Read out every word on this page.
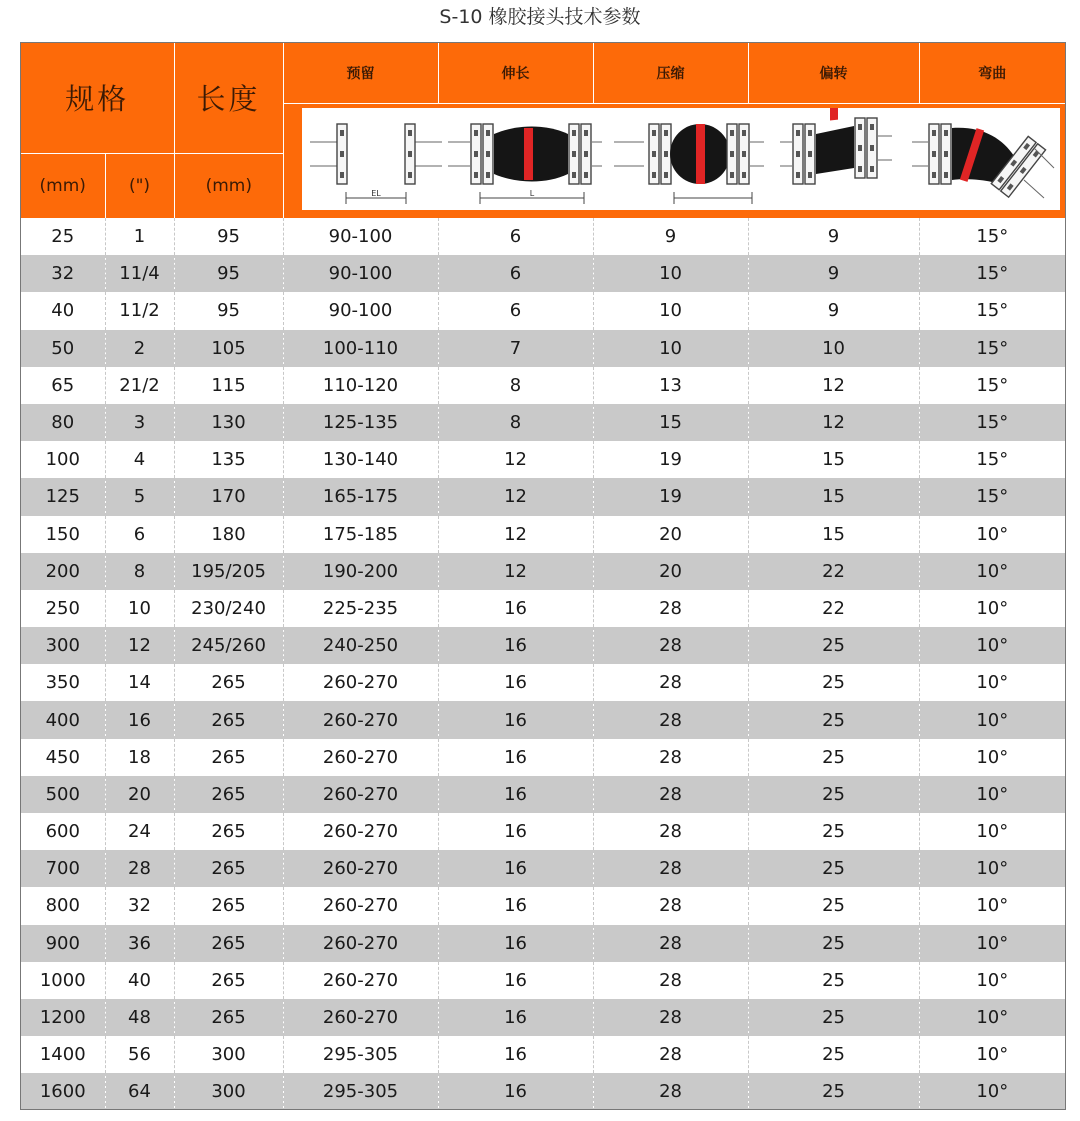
S-10 橡胶接头技术参数
规格		长度	预留	伸长	压缩	偏转	弯曲

EL L				

(mm)	(")	(mm)					
25	1	95	90-100	6	9	9	15°
32	11/4	95	90-100	6	10	9	15°
40	11/2	95	90-100	6	10	9	15°
50	2	105	100-110	7	10	10	15°
65	21/2	115	110-120	8	13	12	15°
80	3	130	125-135	8	15	12	15°
100	4	135	130-140	12	19	15	15°
125	5	170	165-175	12	19	15	15°
150	6	180	175-185	12	20	15	10°
200	8	195/205	190-200	12	20	22	10°
250	10	230/240	225-235	16	28	22	10°
300	12	245/260	240-250	16	28	25	10°
350	14	265	260-270	16	28	25	10°
400	16	265	260-270	16	28	25	10°
450	18	265	260-270	16	28	25	10°
500	20	265	260-270	16	28	25	10°
600	24	265	260-270	16	28	25	10°
700	28	265	260-270	16	28	25	10°
800	32	265	260-270	16	28	25	10°
900	36	265	260-270	16	28	25	10°
1000	40	265	260-270	16	28	25	10°
1200	48	265	260-270	16	28	25	10°
1400	56	300	295-305	16	28	25	10°
1600	64	300	295-305	16	28	25	10°
